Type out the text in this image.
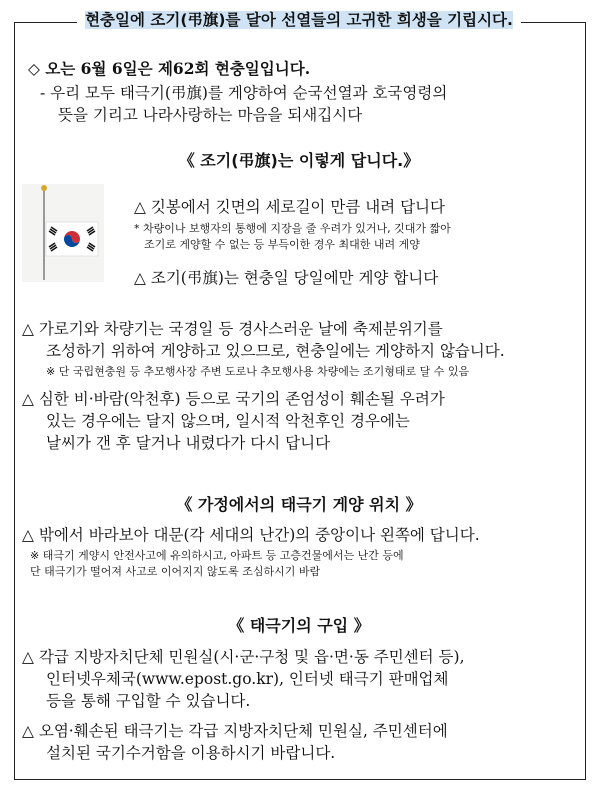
현충일에 조기(弔旗)를 달아 선열들의 고귀한 희생을 기립시다.
◇ 오는 6월 6일은 제62회 현충일입니다.
- 우리 모두 태극기(弔旗)를 게양하여 순국선열과 호국영령의
뜻을 기리고 나라사랑하는 마음을 되새깁시다
《 조기(弔旗)는 이렇게 답니다.》
△ 깃봉에서 깃면의 세로길이 만큼 내려 답니다
* 차량이나 보행자의 통행에 지장을 줄 우려가 있거나, 깃대가 짧아
조기로 게양할 수 없는 등 부득이한 경우 최대한 내려 게양
△ 조기(弔旗)는 현충일 당일에만 게양 합니다
△ 가로기와 차량기는 국경일 등 경사스러운 날에 축제분위기를
조성하기 위하여 게양하고 있으므로, 현충일에는 게양하지 않습니다.
※ 단 국립현충원 등 추모행사장 주변 도로나 추모행사용 차량에는 조기형태로 달 수 있음
△ 심한 비·바람(악천후) 등으로 국기의 존엄성이 훼손될 우려가
있는 경우에는 달지 않으며, 일시적 악천후인 경우에는
날씨가 갠 후 달거나 내렸다가 다시 답니다
《 가정에서의 태극기 게양 위치 》
△ 밖에서 바라보아 대문(각 세대의 난간)의 중앙이나 왼쪽에 답니다.
※ 태극기 게양시 안전사고에 유의하시고, 아파트 등 고층건물에서는 난간 등에
단 태극기가 떨어져 사고로 이어지지 않도록 조심하시기 바람
《 태극기의 구입 》
△ 각급 지방자치단체 민원실(시·군·구청 및 읍·면·동 주민센터 등),
인터넷우체국(www.epost.go.kr), 인터넷 태극기 판매업체
등을 통해 구입할 수 있습니다.
△ 오염·훼손된 태극기는 각급 지방자치단체 민원실, 주민센터에
설치된 국기수거함을 이용하시기 바랍니다.
